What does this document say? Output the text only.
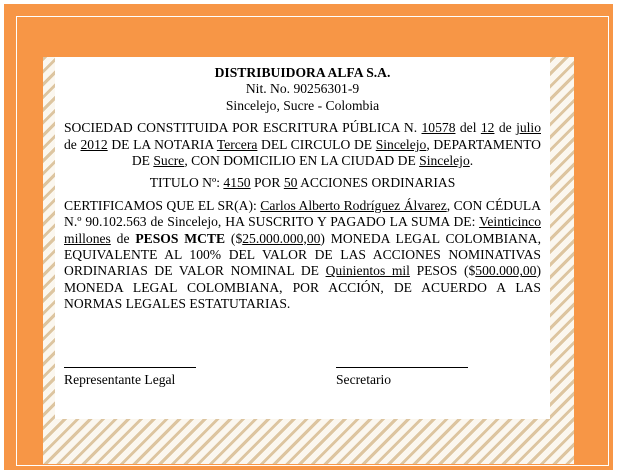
DISTRIBUIDORA ALFA S.A.

Nit. No. 90256301-9

Sincelejo, Sucre - Colombia

SOCIEDAD CONSTITUIDA POR ESCRITURA PÚBLICA N. 10578 del 12 de julio de 2012 DE LA NOTARIA Tercera DEL CIRCULO DE Sincelejo, DEPARTAMENTO DE Sucre, CON DOMICILIO EN LA CIUDAD DE Sincelejo.

TITULO Nº: 4150 POR 50 ACCIONES ORDINARIAS

CERTIFICAMOS QUE EL SR(A): Carlos Alberto Rodríguez Álvarez, CON CÉDULA N.º 90.102.563 de Sincelejo, HA SUSCRITO Y PAGADO LA SUMA DE: Veinticinco millones de PESOS MCTE ($25.000.000,00) MONEDA LEGAL COLOMBIANA, EQUIVALENTE AL 100% DEL VALOR DE LAS ACCIONES NOMINATIVAS ORDINARIAS DE VALOR NOMINAL DE Quinientos mil PESOS ($500.000,00) MONEDA LEGAL COLOMBIANA, POR ACCIÓN, DE ACUERDO A LAS NORMAS LEGALES ESTATUTARIAS.

Representante Legal	Secretario
